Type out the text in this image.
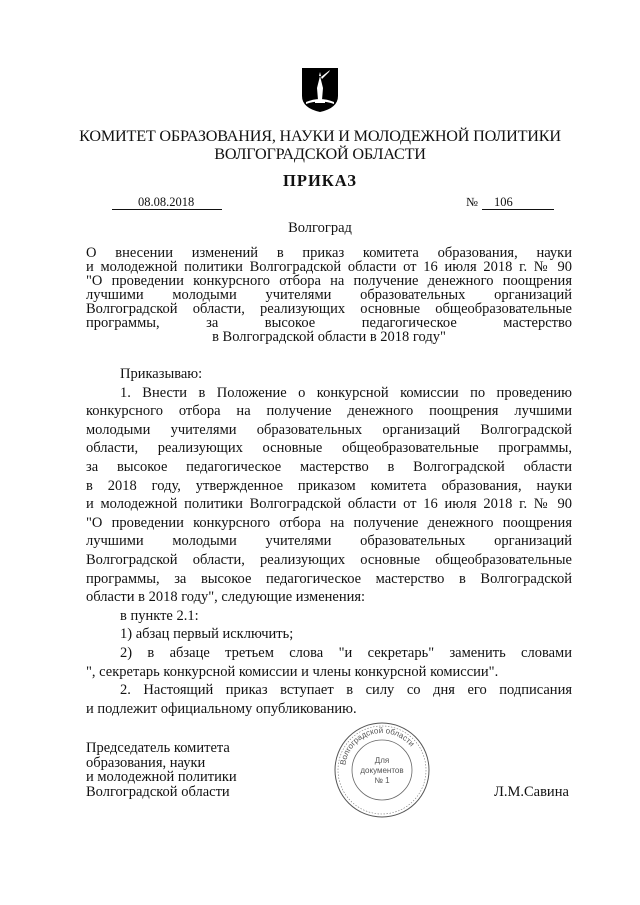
КОМИТЕТ ОБРАЗОВАНИЯ, НАУКИ И МОЛОДЕЖНОЙ ПОЛИТИКИ
ВОЛГОГРАДСКОЙ ОБЛАСТИ
ПРИКАЗ
08.08.2018	№ 106
Волгоград
О внесении изменений в приказ комитета образования, науки
и молодежной политики Волгоградской области от 16 июля 2018 г. № 90
"О проведении конкурсного отбора на получение денежного поощрения
лучшими молодыми учителями образовательных организаций
Волгоградской области, реализующих основные общеобразовательные
программы, за высокое педагогическое мастерство
в Волгоградской области в 2018 году"

Приказываю:

1. Внести в Положение о конкурсной комиссии по проведению
конкурсного отбора на получение денежного поощрения лучшими
молодыми учителями образовательных организаций Волгоградской
области, реализующих основные общеобразовательные программы,
за высокое педагогическое мастерство в Волгоградской области
в 2018 году, утвержденное приказом комитета образования, науки
и молодежной политики Волгоградской области от 16 июля 2018 г. № 90
"О проведении конкурсного отбора на получение денежного поощрения
лучшими молодыми учителями образовательных организаций
Волгоградской области, реализующих основные общеобразовательные
программы, за высокое педагогическое мастерство в Волгоградской
области в 2018 году", следующие изменения:
в пункте 2.1:
1) абзац первый исключить;
2) в абзаце третьем слова "и секретарь" заменить словами
", секретарь конкурсной комиссии и члены конкурсной комиссии".
2. Настоящий приказ вступает в силу со дня его подписания
и подлежит официальному опубликованию.
Председатель комитета
образования, науки
и молодежной политики
Волгоградской области
Волгоградской области
Для
документов
№ 1
Л.М.Савина
